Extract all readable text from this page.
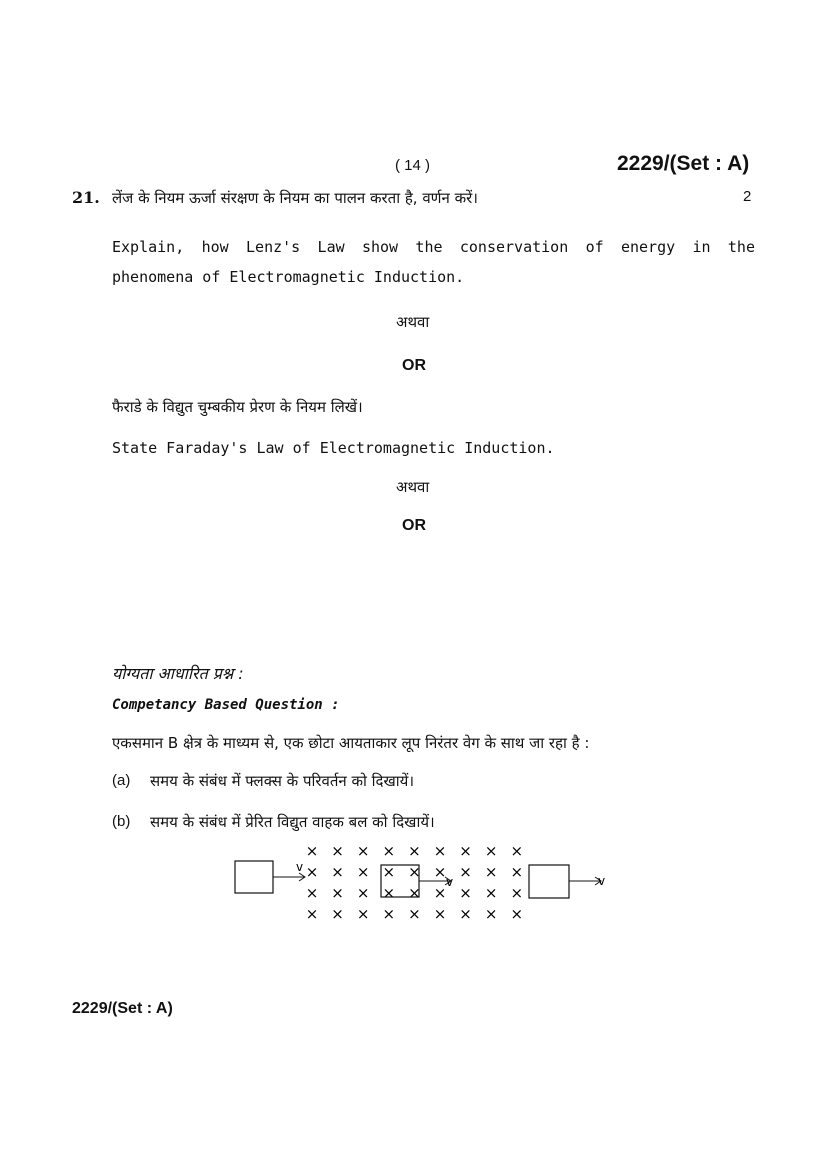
( 14 )	2229/(Set : A)
21. लेंज के नियम ऊर्जा संरक्षण के नियम का पालन करता है, वर्णन करें।	2
Explain, how Lenz's Law show the conservation of energy in the phenomena of Electromagnetic Induction.
अथवा
OR
फैराडे के विद्युत चुम्बकीय प्रेरण के नियम लिखें।
State Faraday's Law of Electromagnetic Induction.
अथवा
OR
योग्यता आधारित प्रश्न :
Competancy Based Question :
एकसमान B क्षेत्र के माध्यम से, एक छोटा आयताकार लूप निरंतर वेग के साथ जा रहा है :
(a) समय के संबंध में फ्लक्स के परिवर्तन को दिखायें।
(b) समय के संबंध में प्रेरित विद्युत वाहक बल को दिखायें।
× × × × × × × × ×
× × × × × × × × ×
× × × × × × × × ×
× × × × × × × × ×
v
v	v
2229/(Set : A)
